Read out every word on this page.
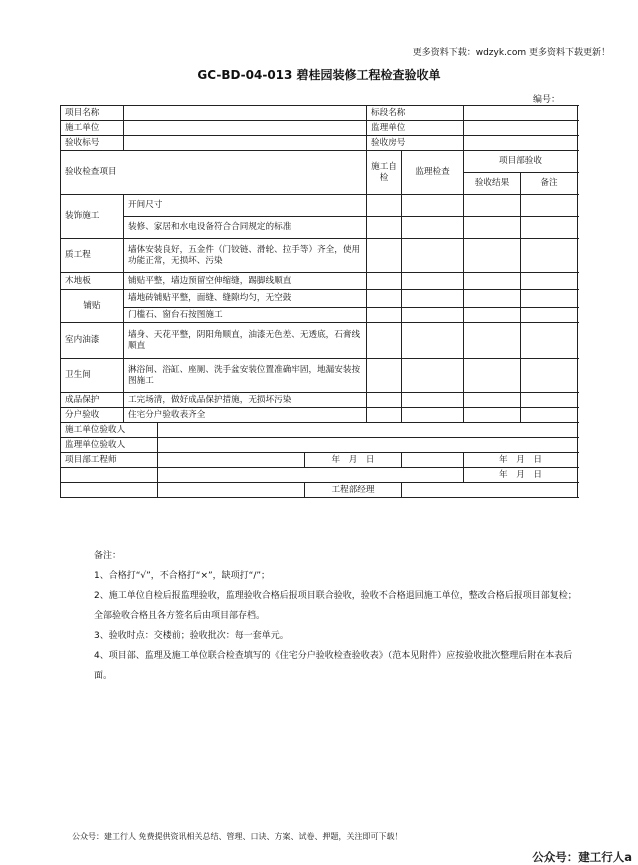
更多资料下载：wdzyk.com 更多资料下载更新！
GC-BD-04-013 碧桂园装修工程检查验收单
编号：
项目名称				标段名称			
施工单位				监理单位			
验收标号				验收房号			
验收检查项目				施工自检	监理检查	项目部验收	
						验收结果	备注
装饰施工	开间尺寸						
	装修、家居和水电设备符合合同规定的标准						
质工程	墙体安装良好，五金件（门铰链、滑轮、拉手等）齐全，使用功能正常，无损坏、污染						
木地板	铺贴平整，墙边预留空伸缩缝，踢脚线顺直						
铺贴	墙地砖铺贴平整，面缝、缝隙均匀，无空鼓						
	门槛石、窗台石按图施工						
室内油漆	墙身、天花平整，阴阳角顺直，油漆无色差、无透底，石膏线顺直						
卫生间	淋浴间、浴缸、座厕、洗手盆安装位置准确牢固，地漏安装按图施工						
成品保护	工完场清，做好成品保护措施，无损坏污染						
分户验收	住宅分户验收表齐全						
施工单位验收人							
监理单位验收人							
项目部工程师			年　月　日			年　月　日	
						年　月　日	
			工程部经理				

备注：

1、合格打“√”，不合格打“×”，缺项打“/”；

2、施工单位自检后报监理验收，监理验收合格后报项目联合验收，验收不合格退回施工单位，整改合格后报项目部复检；全部验收合格且各方签名后由项目部存档。

3、验收时点：交楼前；验收批次：每一套单元。

4、项目部、监理及施工单位联合检查填写的《住宅分户验收检查验收表》（范本见附件）应按验收批次整理后附在本表后面。

公众号：建工行人 免费提供资讯相关总结、管理、口诀、方案、试卷、押题，关注即可下载！
公众号：建工行人a
